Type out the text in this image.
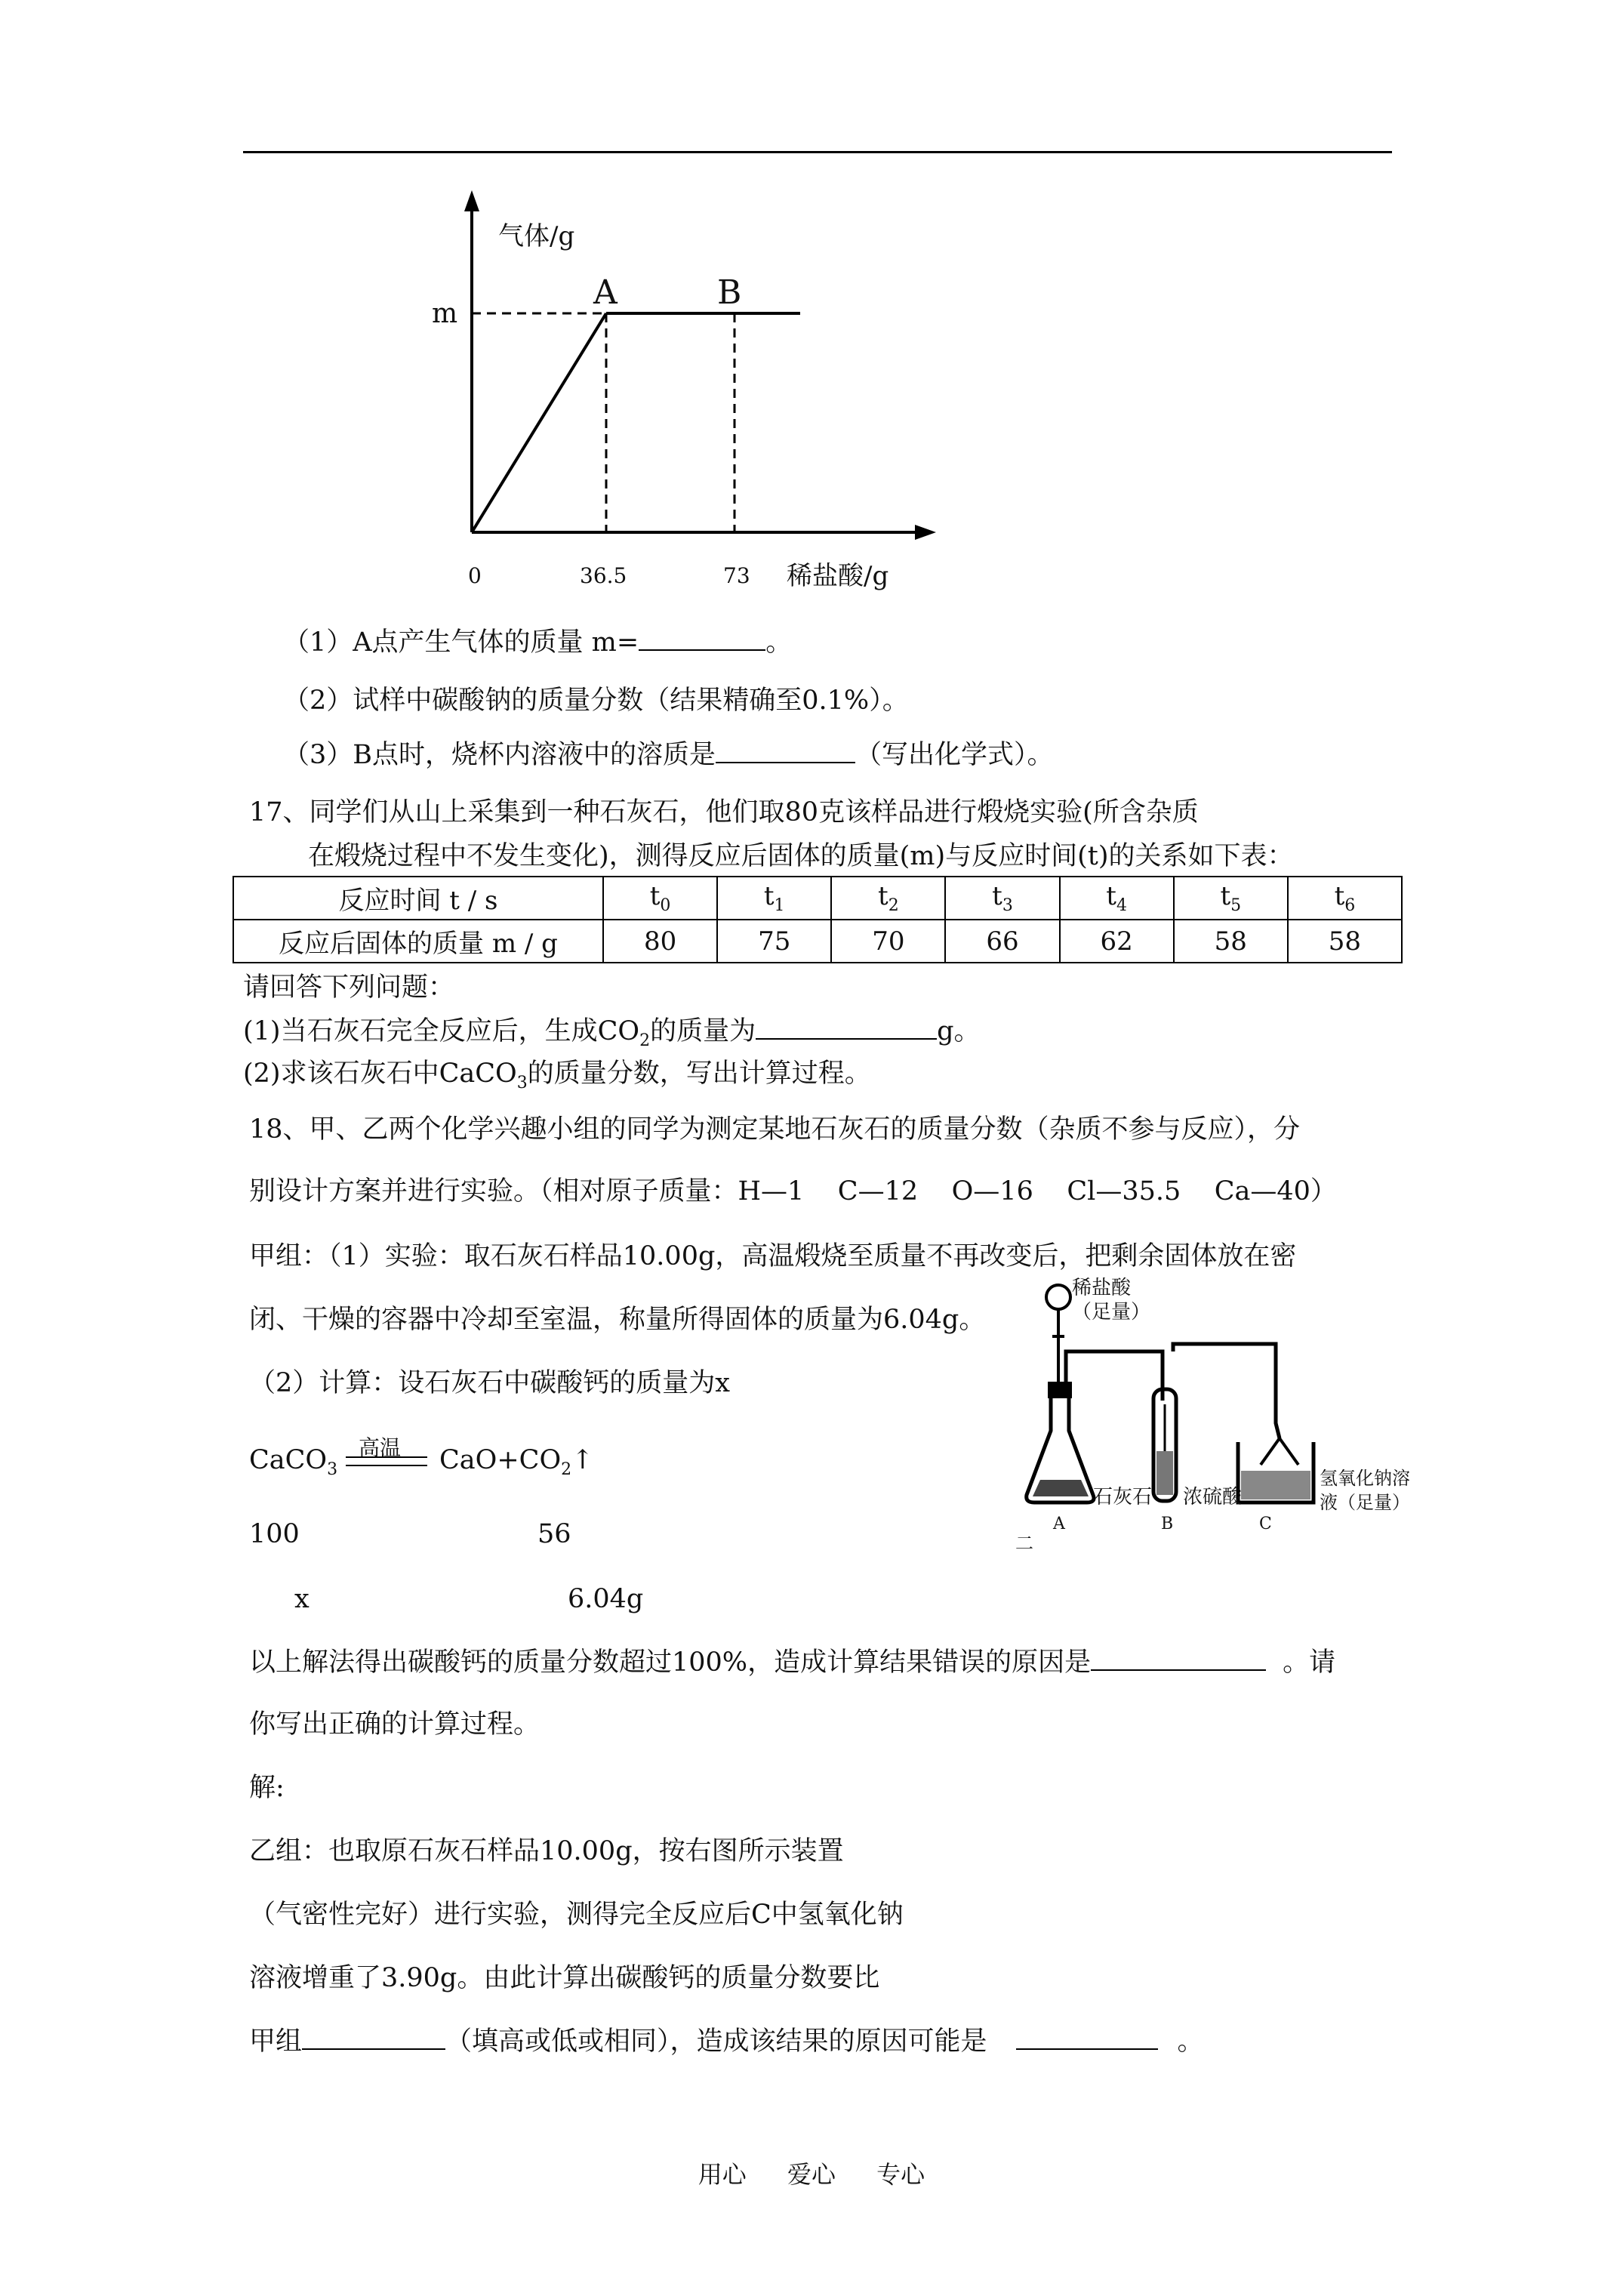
气体/g
m
A	B
0	36.5	73 稀盐酸/g
（1）A点产生气体的质量 m=	。
（2）试样中碳酸钠的质量分数（结果精确至0.1%）。
（3）B点时，烧杯内溶液中的溶质是	（写出化学式）。
17、同学们从山上采集到一种石灰石，他们取80克该样品进行煅烧实验(所含杂质
在煅烧过程中不发生变化)，测得反应后固体的质量(m)与反应时间(t)的关系如下表：
反应时间 t / s	$t_0$	$t_1$	$t_2$	$t_3$	$t_4$	$t_5$	$t_6$
反应后固体的质量 m / g	80	75	70	66	62	58	58
请回答下列问题：
(1)当石灰石完全反应后，生成$CO_2$的质量为	g。
(2)求该石灰石中CaCO$_3$的质量分数，写出计算过程。
18、甲、乙两个化学兴趣小组的同学为测定某地石灰石的质量分数（杂质不参与反应），分
别设计方案并进行实验。（相对原子质量：H—1    C—12    O—16    Cl—35.5    Ca—40）
甲组：（1）实验：取石灰石样品10.00g，高温煅烧至质量不再改变后，把剩余固体放在密
闭、干燥的容器中冷却至室温，称量所得固体的质量为6.04g。
（2）计算：设石灰石中碳酸钙的质量为x
CaCO$_3$
高温 $CaO+CO_2↑$
100	56
x	6.04g
以上解法得出碳酸钙的质量分数超过100%，造成计算结果错误的原因是	。请
你写出正确的计算过程。
解:
乙组：也取原石灰石样品10.00g，按右图所示装置
（气密性完好）进行实验，测得完全反应后C中氢氧化钠
溶液增重了3.90g。由此计算出碳酸钙的质量分数要比
甲组	（填高或低或相同），造成该结果的原因可能是	。
稀盐酸（足量）
石灰石 浓硫酸
氢氧化钠溶液（足量）
A	B	C
二
用心 爱心 专心
